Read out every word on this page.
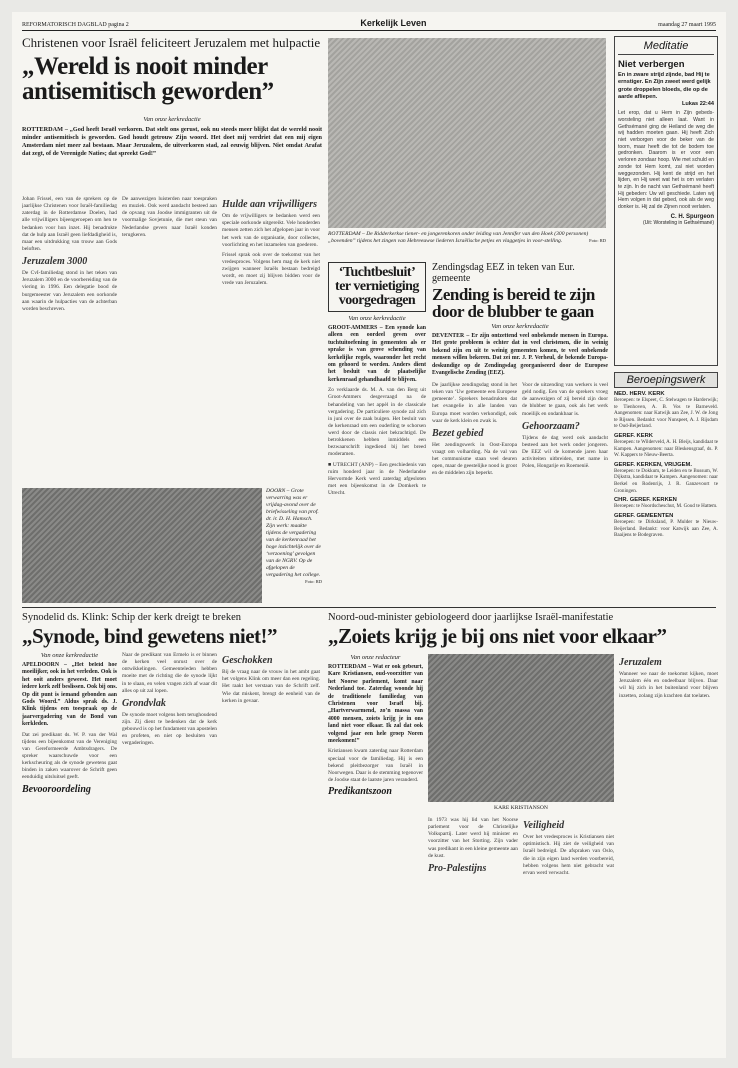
REFORMATORISCH DAGBLAD pagina 2	Kerkelijk Leven	maandag 27 maart 1995
Christenen voor Israël feliciteert Jeruzalem met hulpactie
„Wereld is nooit minder
antisemitisch geworden”
Van onze kerkredactie
ROTTERDAM – „God heeft Israël verkoren. Dat stelt ons gerust, ook nu steeds meer blijkt dat de wereld nooit minder antisemitisch is geworden. God houdt getrouw Zijn woord. Het doet mij verdriet dat een mij eigen Amsterdam niet meer zal bestaan. Maar Jeruzalem, de uitverkoren stad, zal eeuwig blijven. Niet omdat Arafat dat zegt, of de Verenigde Naties; dat spreekt God!”

Johan Frissel, een van de sprekers op de jaarlijkse Christenen voor Israël-familiedag zaterdag in de Rotterdamse Doelen, had alle vrijwilligers bijeengeroepen om hen te bedanken voor hun inzet. Hij benadrukte dat de hulp aan Israël geen liefdadigheid is, maar een uitdrukking van trouw aan Gods beloften.

Jeruzalem 3000

De CvI-familiedag stond in het teken van Jeruzalem 3000 en de voorbereiding van de viering in 1996. Een delegatie bood de burgemeester van Jeruzalem een oorkonde aan waarin de hulpacties van de achterban worden beschreven.

De aanwezigen luisterden naar toespraken en muziek. Ook werd aandacht besteed aan de opvang van Joodse immigranten uit de voormalige Sovjetunie, die met steun van Nederlandse gevers naar Israël konden terugkeren.

Hulde aan vrijwilligers

Om de vrijwilligers te bedanken werd een speciale oorkonde uitgereikt. Vele honderden mensen zetten zich het afgelopen jaar in voor het werk van de organisatie, door collectes, voorlichting en het inzamelen van goederen.

Frissel sprak ook over de toekomst van het vredesproces. Volgens hem mag de kerk niet zwijgen wanneer Israëls bestaan bedreigd wordt, en moet zij blijven bidden voor de vrede van Jeruzalem.

DOORN – Grote verwarring was er vrijdag-avond over de briefwisseling van prof. dr. ir. D. H. Hamsch. Zijn werk: maakte tijdens de vergadering van de kerkenraad het hoge inzichtelijk over de ‘verzoening’ gevolgen van de NGRV. Op de afgelopen de vergadering het college.
Foto: RD
ROTTERDAM – De Ridderkerkse tiener- en jongerenkoren onder leiding van Jennifer van den Hoek (300 personen) „bovenden” tijdens het zingen van Hebreeuwse liederen Israëlische petjes en vlaggetjes in voor-stelling.	Foto: RD
‘Tuchtbesluit’ ter vernietiging voorgedragen
Van onze kerkredactie
GROOT-AMMERS – Een synode kan alleen een oordeel geven over tuchtuitoefening in gemeenten als er sprake is van grove schending van kerkelijke regels, waaronder het recht om gehoord te worden. Anders dient het besluit van de plaatselijke kerkenraad gehandhaafd te blijven.
Zo verklaarde ds. M. A. van den Berg uit Groot-Ammers desgevraagd na de behandeling van het appèl in de classicale vergadering. De particuliere synode zal zich in juni over de zaak buigen. Het besluit van de kerkenraad om een ouderling te schorsen werd door de classis niet bekrachtigd. De betrokkenen hebben inmiddels een bezwaarschrift ingediend bij het breed moderamen.
■ UTRECHT (ANP) – Een geschiedenis van ruim honderd jaar in de Nederlandse Hervormde Kerk werd zaterdag afgesloten met een bijeenkomst in de Domkerk te Utrecht.
Zendingsdag EEZ in teken van Eur. gemeente
Zending is bereid te zijn door de blubber te gaan
Van onze kerkredactie
DEVENTER – Er zijn ontzettend veel onbekende mensen in Europa. Het grote probleem is echter dat in veel christenen, die in weinig bekend zijn en uit te weinig gemeenten komen, te veel onbekende mensen willen bekeren. Dat zei mr. J. P. Verheul, de bekende Europa-deskundige op de Zendingsdag georganiseerd door de Europese Evangelische Zending (EEZ).

De jaarlijkse zendingsdag stond in het teken van ‘Uw gemeente een Europese gemeente’. Sprekers benadrukten dat het evangelie in alle landen van Europa moet worden verkondigd, ook waar de kerk klein en zwak is.

Bezet gebied

Het zendingswerk in Oost-Europa vraagt om volharding. Na de val van het communisme staan veel deuren open, maar de geestelijke nood is groot en de middelen zijn beperkt.

Voor de uitzending van werkers is veel geld nodig. Een van de sprekers vroeg de aanwezigen of zij bereid zijn door de blubber te gaan, ook als het werk moeilijk en ondankbaar is.

Gehoorzaam?

Tijdens de dag werd ook aandacht besteed aan het werk onder jongeren. De EEZ wil de komende jaren haar activiteiten uitbreiden, met name in Polen, Hongarije en Roemenië.

Meditatie
Niet verbergen
En in zware strijd zijnde, bad Hij te ernstiger. En Zijn zweet werd gelijk grote droppelen bloeds, die op de aarde afliepen.
Lukas 22:44
Let erop, dat u Hem in Zijn gebeds-worsteling niet alleen laat. Want in Gethsémané ging de Heiland de weg die wij hadden moeten gaan. Hij heeft Zich niet verborgen voor de beker van de toorn, maar heeft die tot de bodem toe gedronken. Daarom is er voor een verloren zondaar hoop. Wie met schuld en zonde tot Hem komt, zal niet worden weggezonden. Hij kent de strijd en het lijden, en Hij weet wat het is om verlaten te zijn. In de nacht van Gethsémané heeft Hij gebeden: Uw wil geschiede. Laten wij Hem volgen in dat gebed, ook als de weg donker is. Hij zal de Zijnen nooit verlaten.
C. H. Spurgeon
(Uit: Worsteling in Gethsémané)
Beroepingswerk
NED. HERV. KERK
Beroepen: te Elspeet, C. Stelwagen te Harderwijk; te Tienhoven, A. B. Vos te Barneveld. Aangenomen: naar Katwijk aan Zee, J. W. de Jong te Rijssen. Bedankt: voor Nunspeet, A. J. Rijsdam te Oud-Beijerland.
GEREF. KERK
Beroepen: te Wilderveld, A. H. Bleijs, kandidaat te Kampen. Aangenomen: naar Bleskensgraaf, ds. P. W. Kappers te Nieuw-Beerta.
GEREF. KERKEN, VRIJGEM.
Beroepen: te Dokkum, te Leiden en te Bussum, W. Dijkstra, kandidaat te Kampen. Aangenomen: naar Berkel en Rodenrijs, J. R. Ganzevoort te Groningen.
CHR. GEREF. KERKEN
Beroepen: te Noordscheschut, M. Goud te Hattem.
GEREF. GEMEENTEN
Beroepen: te Dirksland, P. Mulder te Nieuw-Beijerland. Bedankt: voor Katwijk aan Zee, A. Baaijens te Bodegraven.
Synodelid ds. Klink: Schip der kerk dreigt te breken
„Synode, bind gewetens niet!”
Van onze kerkredactie
APELDOORN – „Het beleid hoe moeilijker, ook in het verleden. Ook is het ooit anders geweest. Het moet iedere kerk zelf beslissen. Ook bij ons. Op dit punt is iemand gebonden aan Gods Woord.” Aldus sprak ds. J. Klink tijdens een toespraak op de jaarvergadering van de Bond van kerkleden.

Dat zei predikant ds. W. P. van der Wal tijdens een bijeenkomst van de Vereniging van Gereformeerde Ambtsdragers. De spreker waarschuwde voor een kerkscheuring als de synode gewetens gaat binden in zaken waarover de Schrift geen eenduidig uitsluitsel geeft.

Bevooroordeling

Naar de predikant van Ermelo is er binnen de kerken veel onrust over de ontwikkelingen. Gemeenteleden hebben moeite met de richting die de synode lijkt in te slaan, en velen vragen zich af waar dit alles op uit zal lopen.

Grondvlak

De synode moet volgens hem terughoudend zijn. Zij dient te bedenken dat de kerk gebouwd is op het fundament van apostelen en profeten, en niet op besluiten van vergaderingen.

Geschokken

Bij de vraag naar de vrouw in het ambt gaat het volgens Klink om meer dan een regeling. Het raakt het verstaan van de Schrift zelf. Wie dat miskent, brengt de eenheid van de kerken in gevaar.

Noord-oud-minister gebiologeerd door jaarlijkse Israël-manifestatie
„Zoiets krijg je bij ons niet voor elkaar”
Van onze redacteur
ROTTERDAM – Wat er ook gebeurt, Kare Kristiansen, oud-voorzitter van het Noorse parlement, komt naar Nederland toe. Zaterdag woonde hij de traditionele familiedag van Christenen voor Israël bij. „Hartverwarmend, zo’n massa van 4000 mensen, zoiets krijg je in ons land niet voor elkaar. Ik zal dat ook volgend jaar een hele groep Noren meekomen!”

Kristiansen kwam zaterdag naar Rotterdam speciaal voor de familiedag. Hij is een bekend pleitbezorger van Israël in Noorwegen. Daar is de stemming tegenover de Joodse staat de laatste jaren veranderd.

Predikantszoon
KARE KRISTIANSON

In 1973 was hij lid van het Noorse parlement voor de Christelijke Volkspartij. Later werd hij minister en voorzitter van het Storting. Zijn vader was predikant in een kleine gemeente aan de kust.

Pro-Palestijns
Veiligheid

Over het vredesproces is Kristiansen niet optimistisch. Hij ziet de veiligheid van Israël bedreigd. De afspraken van Oslo, die in zijn eigen land werden voorbereid, hebben volgens hem niet gebracht wat ervan werd verwacht.

Jeruzalem

Wanneer we naar de toekomst kijken, moet Jeruzalem één en ondeelbaar blijven. Daar wil hij zich in het buitenland voor blijven inzetten, zolang zijn krachten dat toelaten.
